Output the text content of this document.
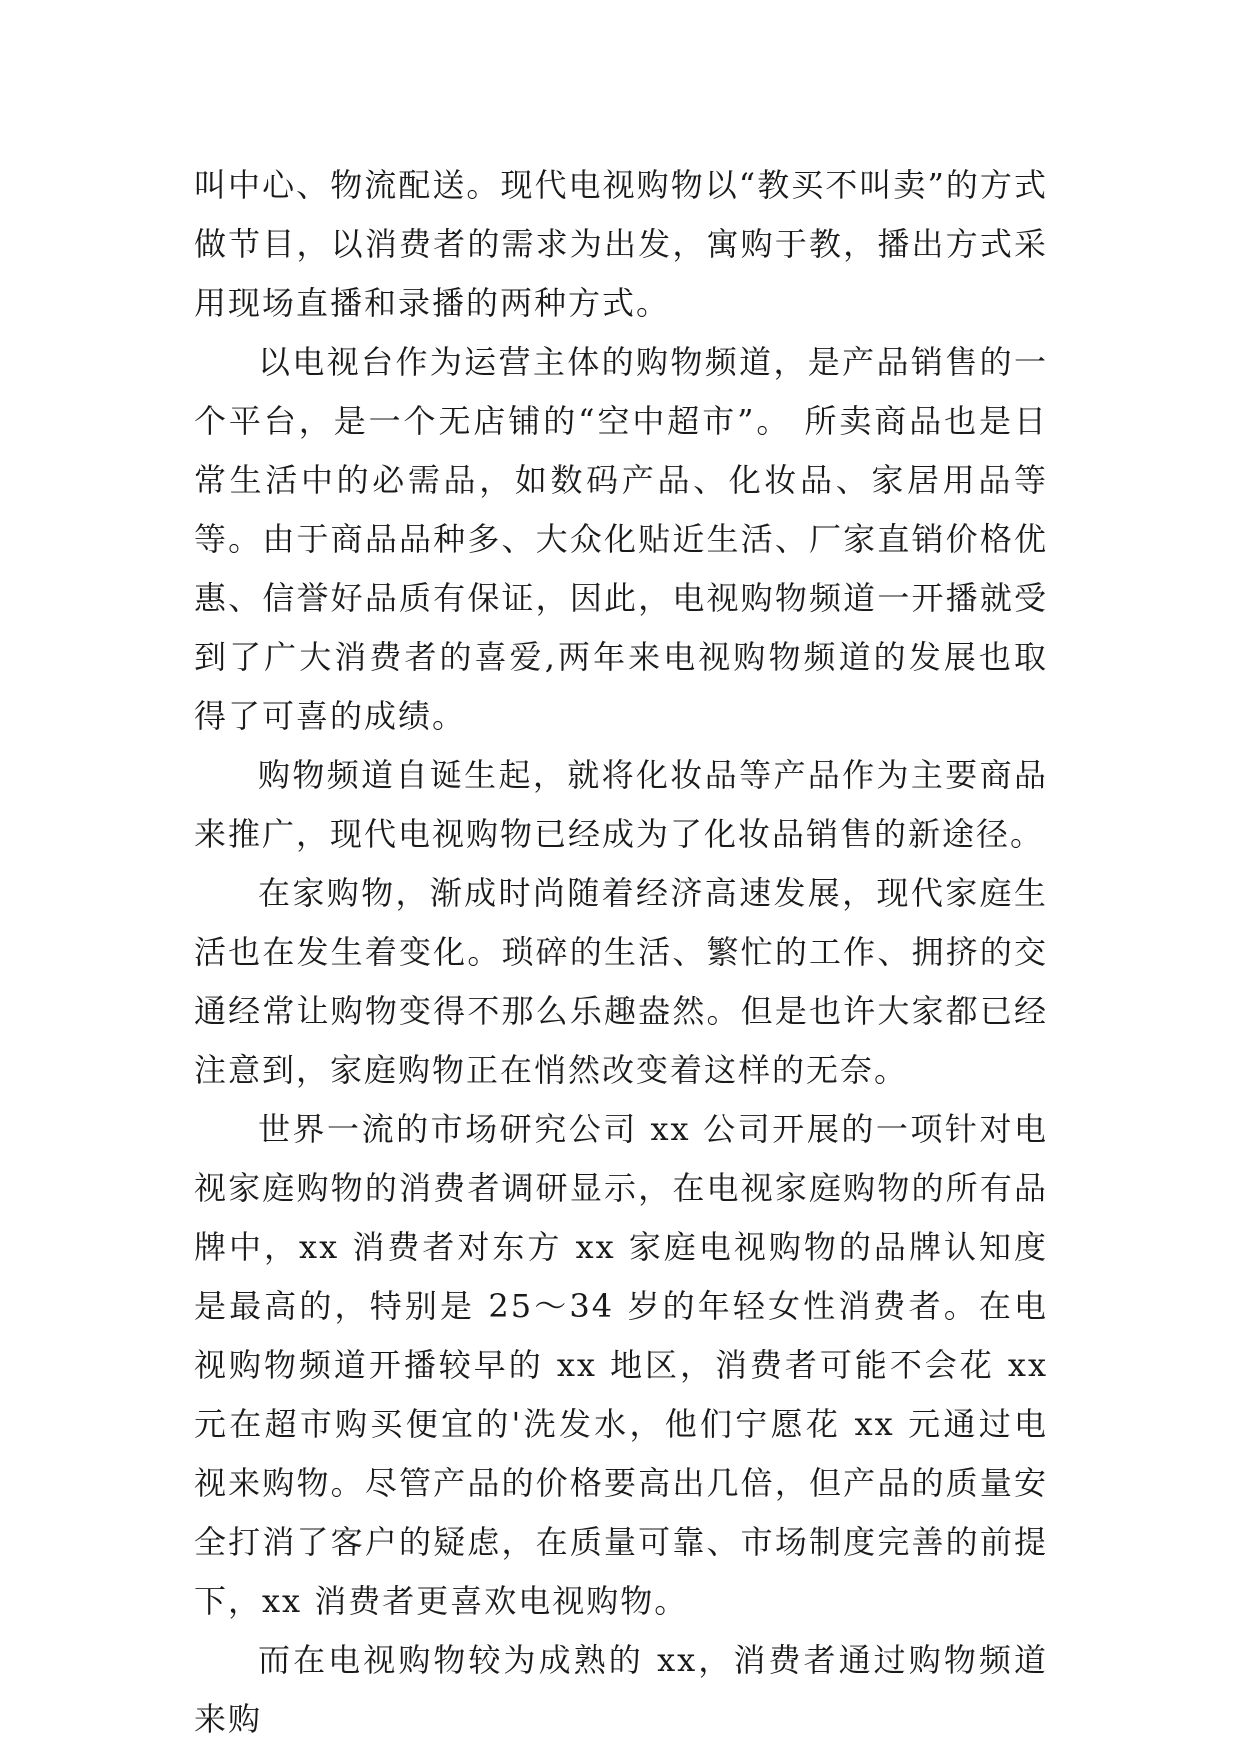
叫中心、物流配送。现代电视购物以“教买不叫卖”的方式做节目，以消费者的需求为出发，寓购于教，播出方式采用现场直播和录播的两种方式。

以电视台作为运营主体的购物频道，是产品销售的一个平台，是一个无店铺的“空中超市”。 所卖商品也是日常生活中的必需品，如数码产品、化妆品、家居用品等等。由于商品品种多、大众化贴近生活、厂家直销价格优惠、信誉好品质有保证，因此，电视购物频道一开播就受到了广大消费者的喜爱,两年来电视购物频道的发展也取得了可喜的成绩。

购物频道自诞生起，就将化妆品等产品作为主要商品来推广，现代电视购物已经成为了化妆品销售的新途径。

在家购物，渐成时尚随着经济高速发展，现代家庭生活也在发生着变化。琐碎的生活、繁忙的工作、拥挤的交通经常让购物变得不那么乐趣盎然。但是也许大家都已经注意到，家庭购物正在悄然改变着这样的无奈。

世界一流的市场研究公司 xx 公司开展的一项针对电视家庭购物的消费者调研显示，在电视家庭购物的所有品牌中，xx 消费者对东方 xx 家庭电视购物的品牌认知度是最高的，特别是 25～34 岁的年轻女性消费者。在电视购物频道开播较早的 xx 地区，消费者可能不会花 xx 元在超市购买便宜的'洗发水，他们宁愿花 xx 元通过电视来购物。尽管产品的价格要高出几倍，但产品的质量安全打消了客户的疑虑，在质量可靠、市场制度完善的前提下，xx 消费者更喜欢电视购物。

而在电视购物较为成熟的 xx，消费者通过购物频道来购
